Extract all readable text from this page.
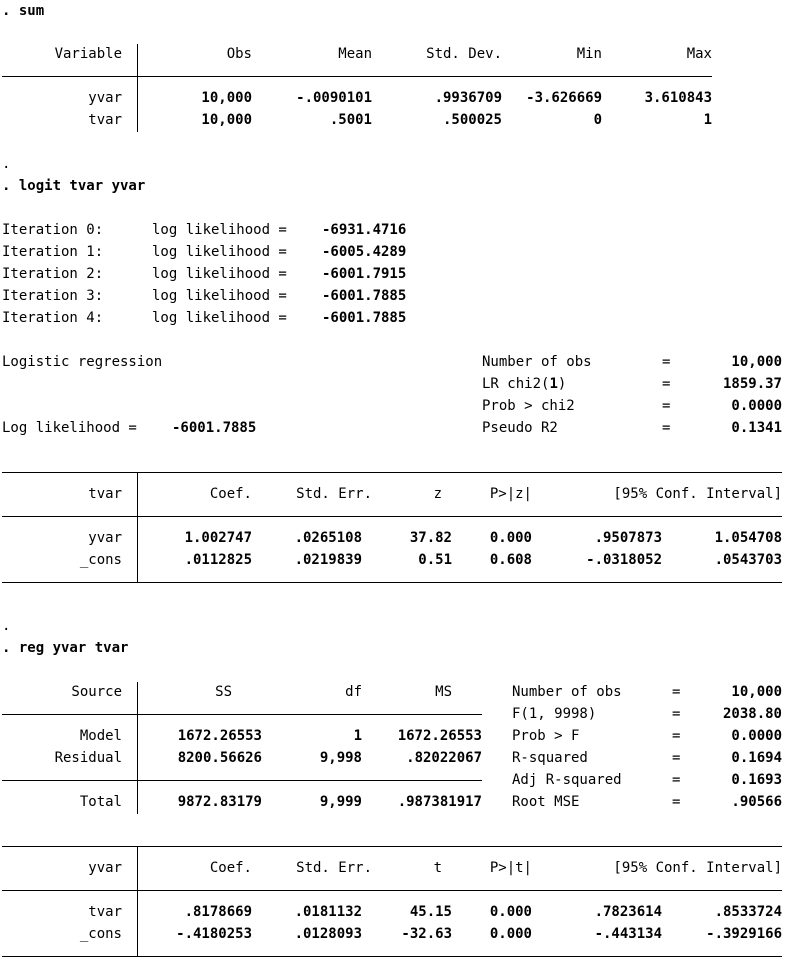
. sum
Variable	Obs	Mean	Std. Dev.	Min	Max
yvar	10,000	-.0090101	.9936709	-3.626669	3.610843
tvar	10,000	.5001	.500025	0	1
.
. logit tvar yvar
Iteration 0:	log likelihood =	-6931.4716
Iteration 1:	log likelihood =	-6005.4289
Iteration 2:	log likelihood =	-6001.7915
Iteration 3:	log likelihood =	-6001.7885
Iteration 4:	log likelihood =	-6001.7885
Logistic regression
Log likelihood =	-6001.7885
Number of obs	=	10,000
LR chi2(1)	=	1859.37
Prob > chi2	=	0.0000
Pseudo R2	=	0.1341
tvar	Coef.	Std. Err.	z	P>|z|	[95% Conf. Interval]
yvar	1.002747	.0265108	37.82	0.000	.9507873	1.054708
_cons	.0112825	.0219839	0.51	0.608	-.0318052	.0543703
.
. reg yvar tvar
Source	SS	df	MS
Model	1672.26553	1	1672.26553
Residual	8200.56626	9,998	.82022067
Total	9872.83179	9,999	.987381917
Number of obs	=	10,000
F(1, 9998)	=	2038.80
Prob > F	=	0.0000
R-squared	=	0.1694
Adj R-squared	=	0.1693
Root MSE	=	.90566
yvar	Coef.	Std. Err.	t	P>|t|	[95% Conf. Interval]
tvar	.8178669	.0181132	45.15	0.000	.7823614	.8533724
_cons	-.4180253	.0128093	-32.63	0.000	-.443134	-.3929166
